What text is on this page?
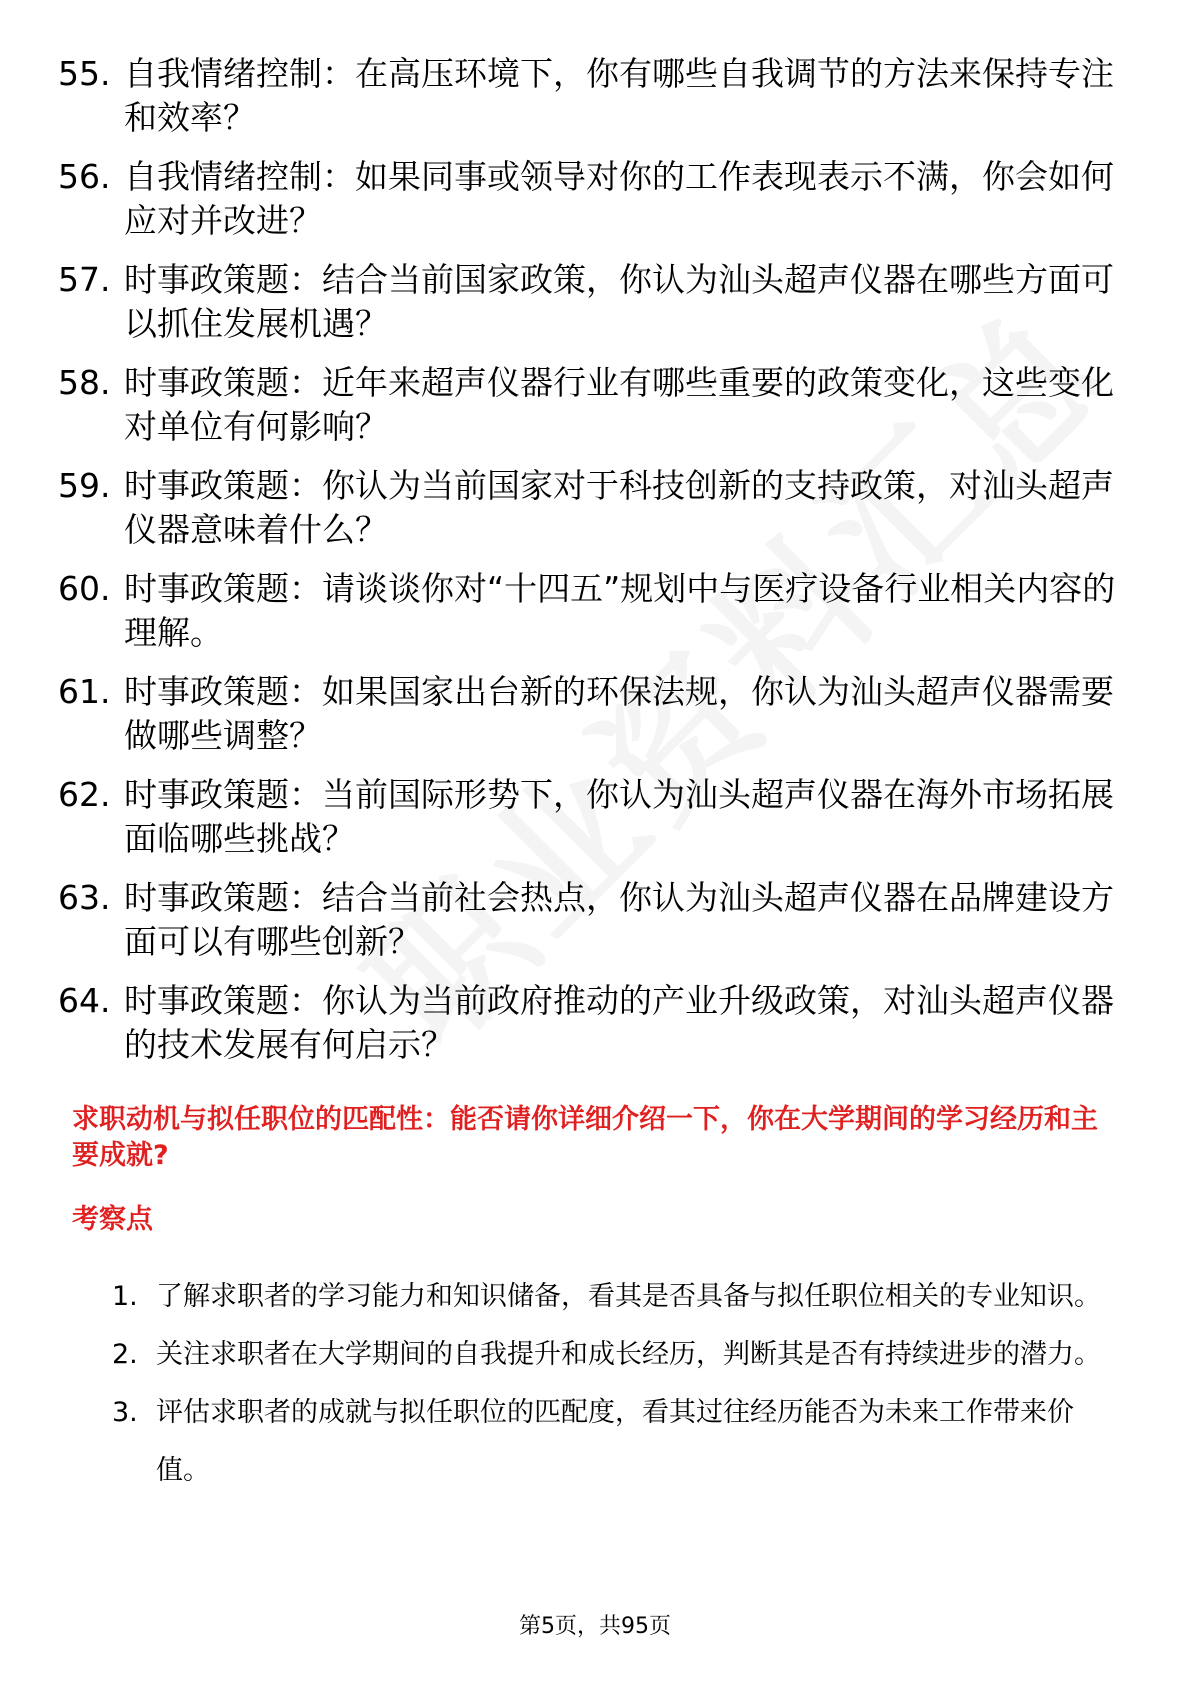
55. 自我情绪控制：在高压环境下，你有哪些自我调节的方法来保持专注和效率？
56. 自我情绪控制：如果同事或领导对你的工作表现表示不满，你会如何应对并改进？
57. 时事政策题：结合当前国家政策，你认为汕头超声仪器在哪些方面可以抓住发展机遇？
58. 时事政策题：近年来超声仪器行业有哪些重要的政策变化，这些变化对单位有何影响？
59. 时事政策题：你认为当前国家对于科技创新的支持政策，对汕头超声仪器意味着什么？
60. 时事政策题：请谈谈你对“十四五”规划中与医疗设备行业相关内容的理解。
61. 时事政策题：如果国家出台新的环保法规，你认为汕头超声仪器需要做哪些调整？
62. 时事政策题：当前国际形势下，你认为汕头超声仪器在海外市场拓展面临哪些挑战？
63. 时事政策题：结合当前社会热点，你认为汕头超声仪器在品牌建设方面可以有哪些创新？
64. 时事政策题：你认为当前政府推动的产业升级政策，对汕头超声仪器的技术发展有何启示？
求职动机与拟任职位的匹配性：能否请你详细介绍一下，你在大学期间的学习经历和主要成就?
考察点
1. 了解求职者的学习能力和知识储备，看其是否具备与拟任职位相关的专业知识。
2. 关注求职者在大学期间的自我提升和成长经历，判断其是否有持续进步的潜力。
3. 评估求职者的成就与拟任职位的匹配度，看其过往经历能否为未来工作带来价值。
第5页，共95页
